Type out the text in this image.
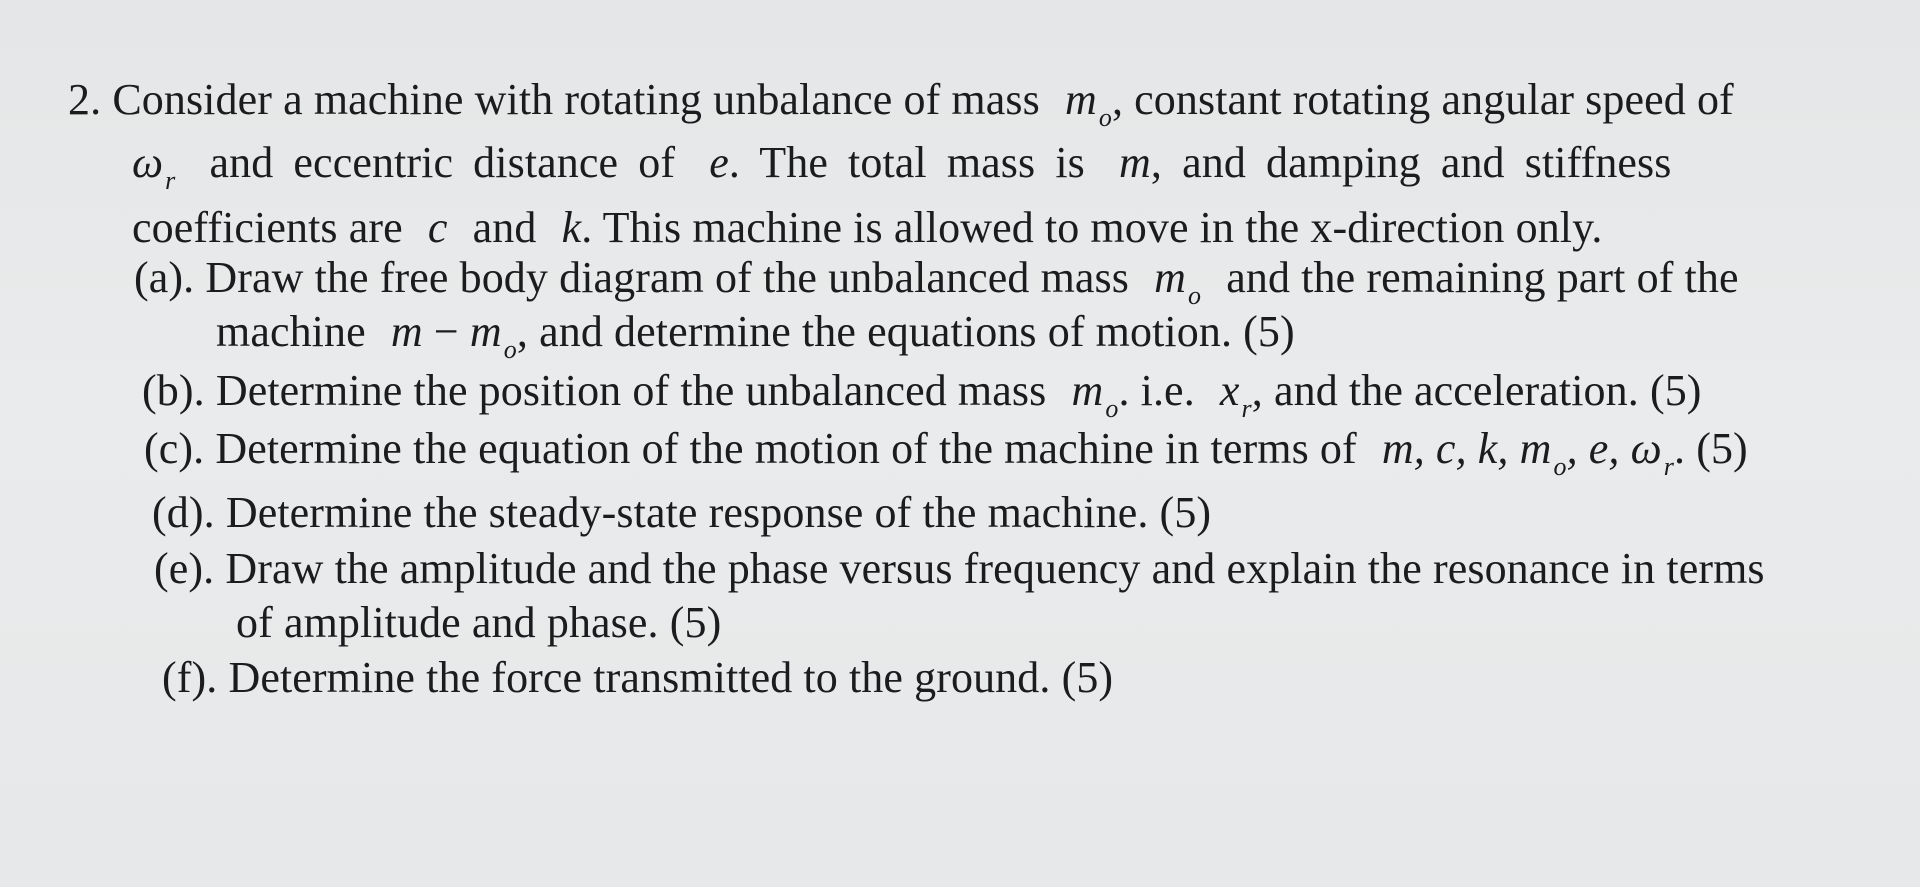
2. Consider a machine with rotating unbalance of mass $m_o$, constant rotating angular speed of
$\omega_r$ and eccentric distance of e. The total mass is m, and damping and stiffness
coefficients are c and k. This machine is allowed to move in the x-direction only.
(a). Draw the free body diagram of the unbalanced mass $m_o$ and the remaining part of the
machine $m - m_o$, and determine the equations of motion. (5)
(b). Determine the position of the unbalanced mass $m_o$. i.e. $x_r$, and the acceleration. (5)
(c). Determine the equation of the motion of the machine in terms of m, c, k, $m_o$, e, $\omega_r$. (5)
(d). Determine the steady-state response of the machine. (5)
(e). Draw the amplitude and the phase versus frequency and explain the resonance in terms
of amplitude and phase. (5)
(f). Determine the force transmitted to the ground. (5)
